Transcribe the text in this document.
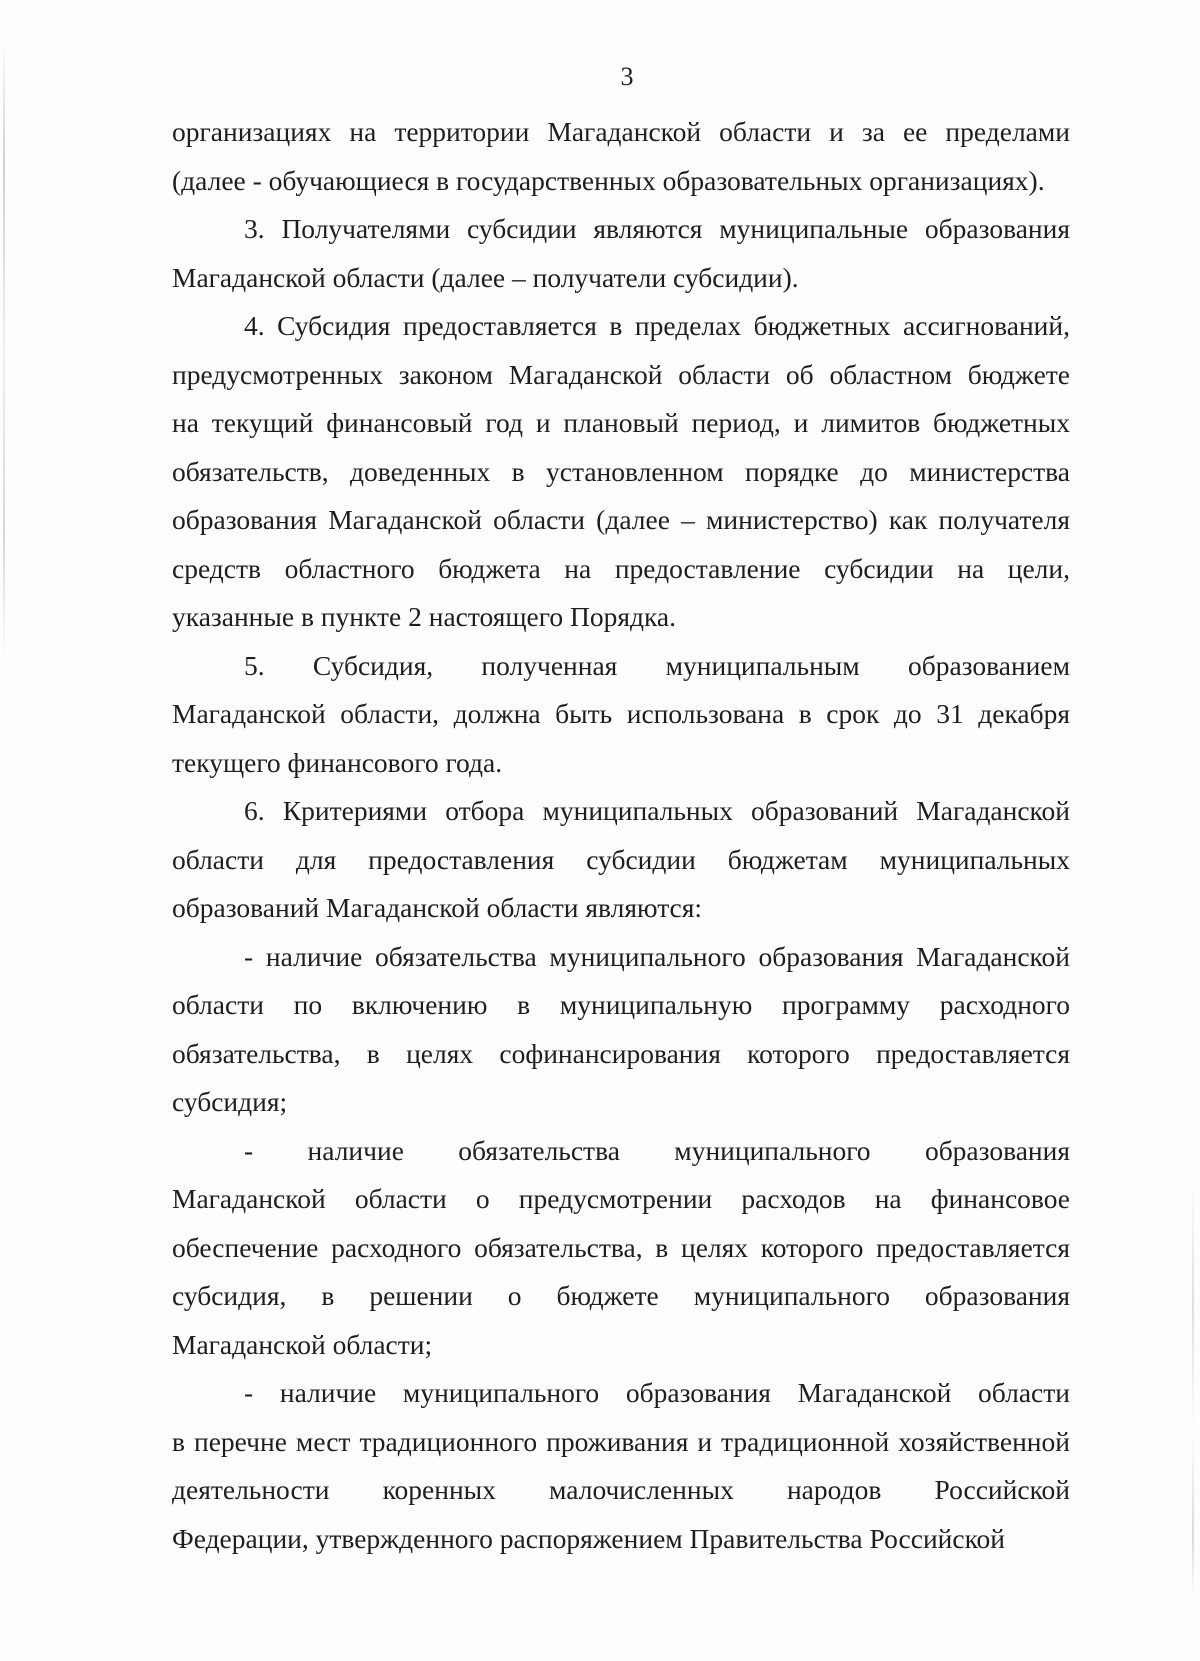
3

организациях на территории Магаданской области и за ее пределами

(далее - обучающиеся в государственных образовательных организациях).

3. Получателями субсидии являются муниципальные образования

Магаданской области (далее – получатели субсидии).

4. Субсидия предоставляется в пределах бюджетных ассигнований,

предусмотренных законом Магаданской области об областном бюджете

на текущий финансовый год и плановый период, и лимитов бюджетных

обязательств, доведенных в установленном порядке до министерства

образования Магаданской области (далее – министерство) как получателя

средств областного бюджета на предоставление субсидии на цели,

указанные в пункте 2 настоящего Порядка.

5. Субсидия, полученная муниципальным образованием

Магаданской области, должна быть использована в срок до 31 декабря

текущего финансового года.

6. Критериями отбора муниципальных образований Магаданской

области для предоставления субсидии бюджетам муниципальных

образований Магаданской области являются:

- наличие обязательства муниципального образования Магаданской

области по включению в муниципальную программу расходного

обязательства, в целях софинансирования которого предоставляется

субсидия;

- наличие обязательства муниципального образования

Магаданской области о предусмотрении расходов на финансовое

обеспечение расходного обязательства, в целях которого предоставляется

субсидия, в решении о бюджете муниципального образования

Магаданской области;

- наличие муниципального образования Магаданской области

в перечне мест традиционного проживания и традиционной хозяйственной

деятельности коренных малочисленных народов Российской

Федерации, утвержденного распоряжением Правительства Российской
